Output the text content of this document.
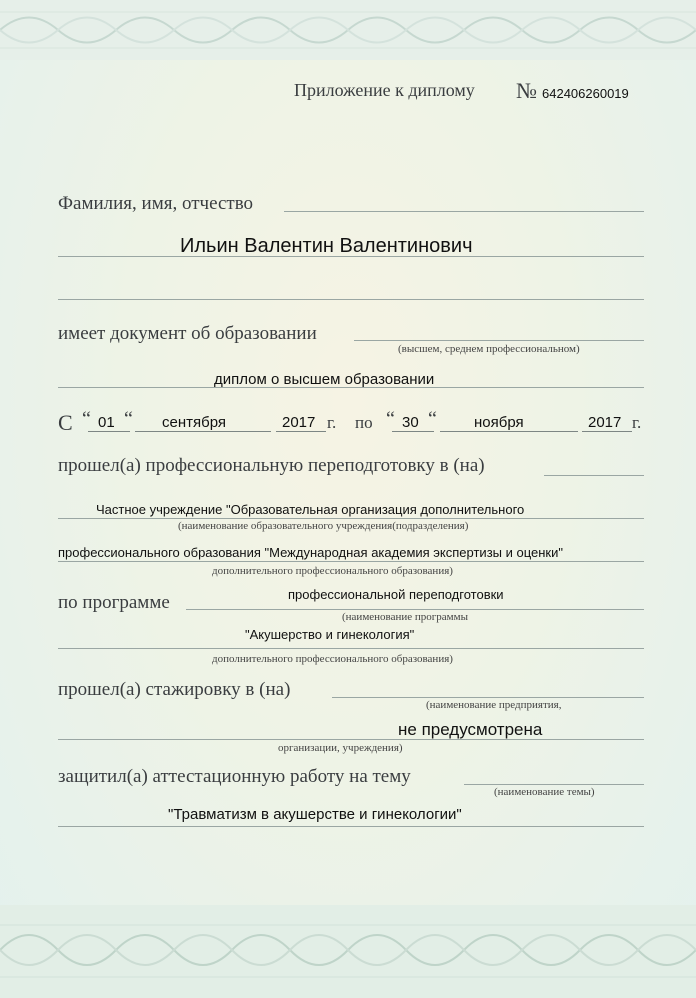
Приложение к диплому № 642406260019
Фамилия, имя, отчество
Ильин Валентин Валентинович
имеет документ об образовании
(высшем, среднем профессиональном)
диплом о высшем образовании
С “ 01 “ сентября	2017 г. по “ 30 “ ноября	2017 г.
прошел(а) профессиональную переподготовку в (на)
Частное учреждение "Образовательная организация дополнительного
(наименование образовательного учреждения(подразделения)
профессионального образования "Международная академия экспертизы и оценки"
дополнительного профессионального образования)
по программе	профессиональной переподготовки
(наименование программы
"Акушерство и гинекология"
дополнительного профессионального образования)
прошел(а) стажировку в (на)
(наименование предприятия,
не предусмотрена
организации, учреждения)
защитил(а) аттестационную работу на тему
(наименование темы)
"Травматизм в акушерстве и гинекологии"
